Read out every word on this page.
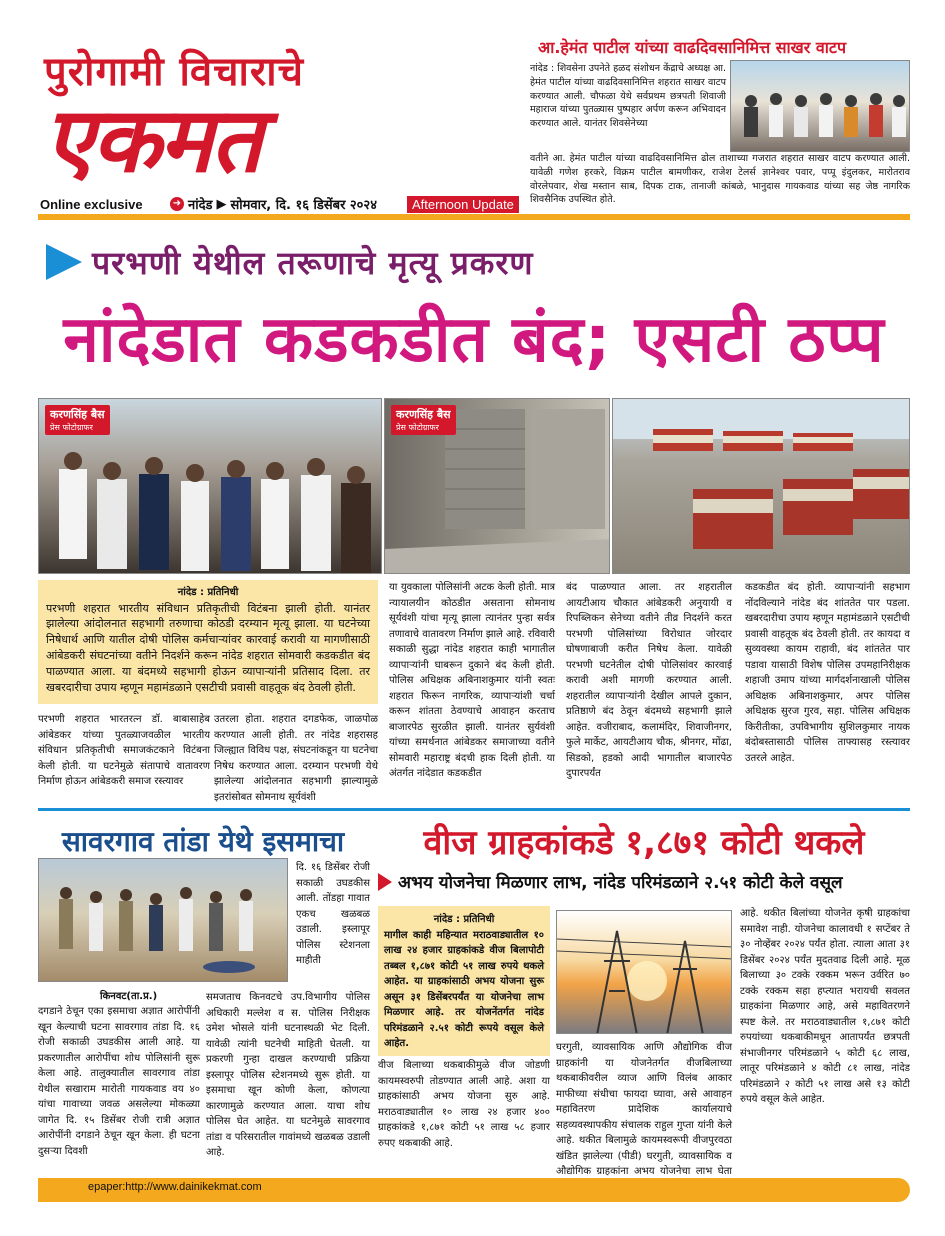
पुरोगामी विचाराचे
एकमत
Online exclusive	➜ नांदेड ▶ सोमवार, दि. १६ डिसेंबर २०२४	Afternoon Update
आ.हेमंत पाटील यांच्या वाढदिवसानिमित्त साखर वाटप
नांदेड : शिवसेना उपनेते हळद संशोधन केंद्राचे अध्यक्ष आ. हेमंत पाटील यांच्या वाढदिवसानिमित्त शहरात साखर वाटप करण्यात आली. चौफळा येथे सर्वप्रथम छत्रपती शिवाजी महाराज यांच्या पुतळ्यास पुष्पहार अर्पण करून अभिवादन करण्यात आले. यानंतर शिवसेनेच्या
वतीने आ. हेमंत पाटील यांच्या वाढदिवसानिमित्त ढोल ताशाच्या गजरात शहरात साखर वाटप करण्यात आली. यावेळी गणेश हरकरे, विक्रम पाटील बामणीकर, राजेश टेलर्स ज्ञानेश्वर पवार, पप्पू इंदुलकर, मारोतराव वोरलेपवार, शेख मस्तान साब, दिपक टाक, तानाजी कांबळे, भानुदास गायकवाड यांच्या सह जेष्ठ नागरिक शिवसैनिक उपस्थित होते.
परभणी येथील तरूणाचे मृत्यू प्रकरण
नांदेडात कडकडीत बंद; एसटी ठप्प
करणसिंह बैस
प्रेस फोटोग्राफर
करणसिंह बैस
प्रेस फोटोग्राफर
नांदेड : प्रतिनिधी
परभणी शहरात भारतीय संविधान प्रतिकृतीची विटंबना झाली होती. यानंतर झालेल्या आंदोलनात सहभागी तरुणाचा कोठडी दरम्यान मृत्यू झाला. या घटनेच्या निषेधार्थ आणि यातील दोषी पोलिस कर्मचाऱ्यांवर कारवाई करावी या मागणीसाठी आंबेडकरी संघटनांच्या वतीने निदर्शने करून नांदेड शहरात सोमवारी कडकडीत बंद पाळण्यात आला. या बंदमध्ये सहभागी होऊन व्यापाऱ्यांनी प्रतिसाद दिला. तर खबरदारीचा उपाय म्हणून महामंडळाने एसटीची प्रवासी वाहतूक बंद ठेवली होती.
परभणी शहरात भारतरत्न डॉ. बाबासाहेब आंबेडकर यांच्या पुतळ्याजवळील भारतीय संविधान प्रतिकृतीची समाजकंटकाने विटंबना केली होती. या घटनेमुळे संतापाचे वातावरण निर्माण होऊन आंबेडकरी समाज रस्त्यावर
उतरला होता. शहरात दगडफेक, जाळपोळ करण्यात आली होती. तर नांदेड शहरासह जिल्ह्यात विविध पक्ष, संघटनांकडून या घटनेचा निषेध करण्यात आला. दरम्यान परभणी येथे झालेल्या आंदोलनात सहभागी झाल्यामुळे इतरांसोबत सोमनाथ सूर्यवंशी
या युवकाला पोलिसांनी अटक केली होती. मात्र न्यायालयीन कोठडीत असताना सोमनाथ सूर्यवंशी यांचा मृत्यू झाला त्यानंतर पुन्हा सर्वत्र तणावाचे वातावरण निर्माण झाले आहे. रविवारी सकाळी सुद्धा नांदेड शहरात काही भागातील व्यापाऱ्यांनी घाबरून दुकाने बंद केली होती. पोलिस अधिक्षक अबिनाशकुमार यांनी स्वतः शहरात फिरून नागरिक, व्यापाऱ्यांशी चर्चा करून शांतता ठेवण्याचे आवाहन करताच बाजारपेठ सुरळीत झाली. यानंतर सुर्यवंशी यांच्या समर्थनात आंबेडकर समाजाच्या वतीने सोमवारी महाराष्ट्र बंदची हाक दिली होती. या अंतर्गत नांदेडात कडकडीत
बंद पाळण्यात आला. तर शहरातील आयटीआय चौकात आंबेडकरी अनुयायी व रिपब्लिकन सेनेच्या वतीने तीव्र निदर्शने करत परभणी पोलिसांच्या विरोधात जोरदार घोषणाबाजी करीत निषेध केला. यावेळी परभणी घटनेतील दोषी पोलिसांवर कारवाई करावी अशी मागणी करण्यात आली. शहरातील व्यापाऱ्यांनी देखील आपले दुकान, प्रतिष्ठाणे बंद ठेवून बंदमध्ये सहभागी झाले आहेत. वजीराबाद, कलामंदिर, शिवाजीनगर, फुले मार्केट, आयटीआय चौक, श्रीनगर, मोंढा, सिडको, हडको आदी भागातील बाजारपेठ दुपारपर्यंत
कडकडीत बंद होती. व्यापाऱ्यांनी सहभाग नोंदविल्याने नांदेड बंद शांततेत पार पडला. खबरदारीचा उपाय म्हणून महामंडळाने एसटीची प्रवासी वाहतूक बंद ठेवली होती. तर कायदा व सुव्यवस्था कायम राहावी, बंद शांततेत पार पडावा यासाठी विशेष पोलिस उपमहानिरीक्षक शहाजी उमाप यांच्या मार्गदर्शनाखाली पोलिस अधिक्षक अबिनाशकुमार, अपर पोलिस अधिक्षक सुरज गुरव, सहा. पोलिस अधिक्षक किरीतीका, उपविभागीय सुशिलकुमार नायक बंदोबस्तासाठी पोलिस ताफ्यासह रस्त्यावर उतरले आहेत.
सावरगाव तांडा येथे इसमाचा
दि. १६ डिसेंबर रोजी सकाळी उघडकीस आली. तोंडहा गावात एकच खळबळ उडाली. इस्लापूर पोलिस स्टेशनला माहीती
किनवट(ता.प्र.)
दगडाने ठेचून एका इसमाचा अज्ञात आरोपींनी खून केल्याची घटना सावरगाव तांडा दि. १६ रोजी सकाळी उघडकीस आली आहे. या प्रकरणातील आरोपींचा शोध पोलिसांनी सुरू केला आहे. तालुक्यातील सावरगाव तांडा येथील सखाराम मारोती गायकवाड वय ४० यांचा गावाच्या जवळ असलेल्या मोकळ्या जागेत दि. १५ डिसेंबर रोजी रात्री अज्ञात आरोपींनी दगडाने ठेचून खून केला. ही घटना दुसऱ्या दिवशी
समजताच किनवटचे उप.विभागीय पोलिस अधिकारी मल्लेश व स. पोलिस निरीक्षक उमेश भोसले यांनी घटनास्थळी भेट दिली. यावेळी त्यांनी घटनेची माहिती घेतली. या प्रकरणी गुन्हा दाखल करण्याची प्रक्रिया इस्लापूर पोलिस स्टेशनमध्ये सुरू होती. या इसमाचा खून कोणी केला, कोणत्या कारणामुळे करण्यात आला. याचा शोध पोलिस घेत आहेत. या घटनेमुळे सावरगाव तांडा व परिसरातील गावांमध्ये खळबळ उडाली आहे.
वीज ग्राहकांकडे १,८७१ कोटी थकले
अभय योजनेचा मिळणार लाभ, नांदेड परिमंडळाने २.५१ कोटी केले वसूल
नांदेड : प्रतिनिधी
मागील काही महिन्यात मराठवाड्यातील १० लाख २४ हजार ग्राहकांकडे वीज बिलापोटी तब्बल १,८७१ कोटी ५१ लाख रुपये थकले आहेत. या ग्राहकांसाठी अभय योजना सुरू असून ३१ डिसेंबरपर्यंत या योजनेचा लाभ मिळणार आहे. तर योजनेंतर्गत नांदेड परिमंडळाने २.५१ कोटी रूपये वसूल केले आहेत.
वीज बिलाच्या थकबाकीमुळे वीज जोडणी कायमस्वरुपी तोडण्यात आली आहे. अशा या ग्राहकांसाठी अभय योजना सुरु आहे. मराठवाड्यातील १० लाख २४ हजार ४०० ग्राहकांकडे १,८७१ कोटी ५१ लाख ५८ हजार रुपए थकबाकी आहे.
घरगुती, व्यावसायिक आणि औद्योगिक वीज ग्राहकांनी या योजनेतर्गत वीजबिलाच्या थकबाकीवरील व्याज आणि विलंब आकार माफीच्या संधीचा फायदा घ्यावा, असे आवाहन महावितरण प्रादेशिक कार्यालयाचे सहव्यवस्थापकीय संचालक राहुल गुप्ता यांनी केले आहे. थकीत बिलामुळे कायमस्वरूपी वीजपुरवठा खंडित झालेल्या (पीडी) घरगुती, व्यावसायिक व औद्योगिक ग्राहकांना अभय योजनेचा लाभ घेता
आहे. थकीत बिलांच्या योजनेत कृषी ग्राहकांचा समावेश नाही. योजनेचा कालावधी १ सप्टेंबर ते ३० नोव्हेंबर २०२४ पर्यंत होता. त्याला आता ३१ डिसेंबर २०२४ पर्यंत मुदतवाढ दिली आहे. मूळ बिलाच्या ३० टक्के रक्कम भरून उर्वरित ७० टक्के रक्कम सहा हप्त्यात भरायची सवलत ग्राहकांना मिळणार आहे, असे महावितरणने स्पष्ट केले. तर मराठवाड्यातील १,८७१ कोटी रुपयांच्या थकबाकीमधून आतापर्यंत छत्रपती संभाजीनगर परिमंडळाने ५ कोटी ६८ लाख, लातूर परिमंडळाने ४ कोटी ८१ लाख, नांदेड परिमंडळाने २ कोटी ५१ लाख असे १३ कोटी रुपये वसूल केले आहेत.
epaper:http://www.dainikekmat.com
